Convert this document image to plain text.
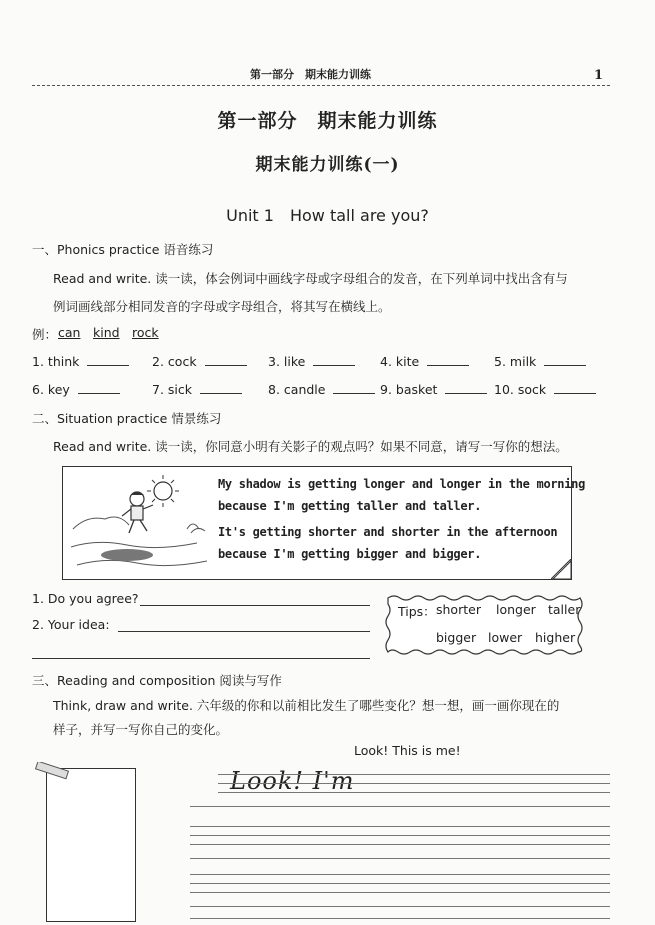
第一部分　期末能力训练	1
第一部分　期末能力训练
期末能力训练(一)
Unit 1　How tall are you?
一、Phonics practice 语音练习
Read and write. 读一读，体会例词中画线字母或字母组合的发音，在下列单词中找出含有与
例词画线部分相同发音的字母或字母组合，将其写在横线上。
例： can kind rock
1. think	2. cock	3. like	4. kite	5. milk
6. key	7. sick	8. candle	9. basket	10. sock
二、Situation practice 情景练习
Read and write. 读一读，你同意小明有关影子的观点吗？如果不同意，请写一写你的想法。
My shadow is getting longer and longer in the morning
because I'm getting taller and taller.
It's getting shorter and shorter in the afternoon
because I'm getting bigger and bigger.
1. Do you agree?
2. Your idea:
Tips： shorter longer taller
bigger lower higher
三、Reading and composition 阅读与写作
Think, draw and write. 六年级的你和以前相比发生了哪些变化？想一想，画一画你现在的
样子，并写一写你自己的变化。
Look! This is me!
Look! I'm
